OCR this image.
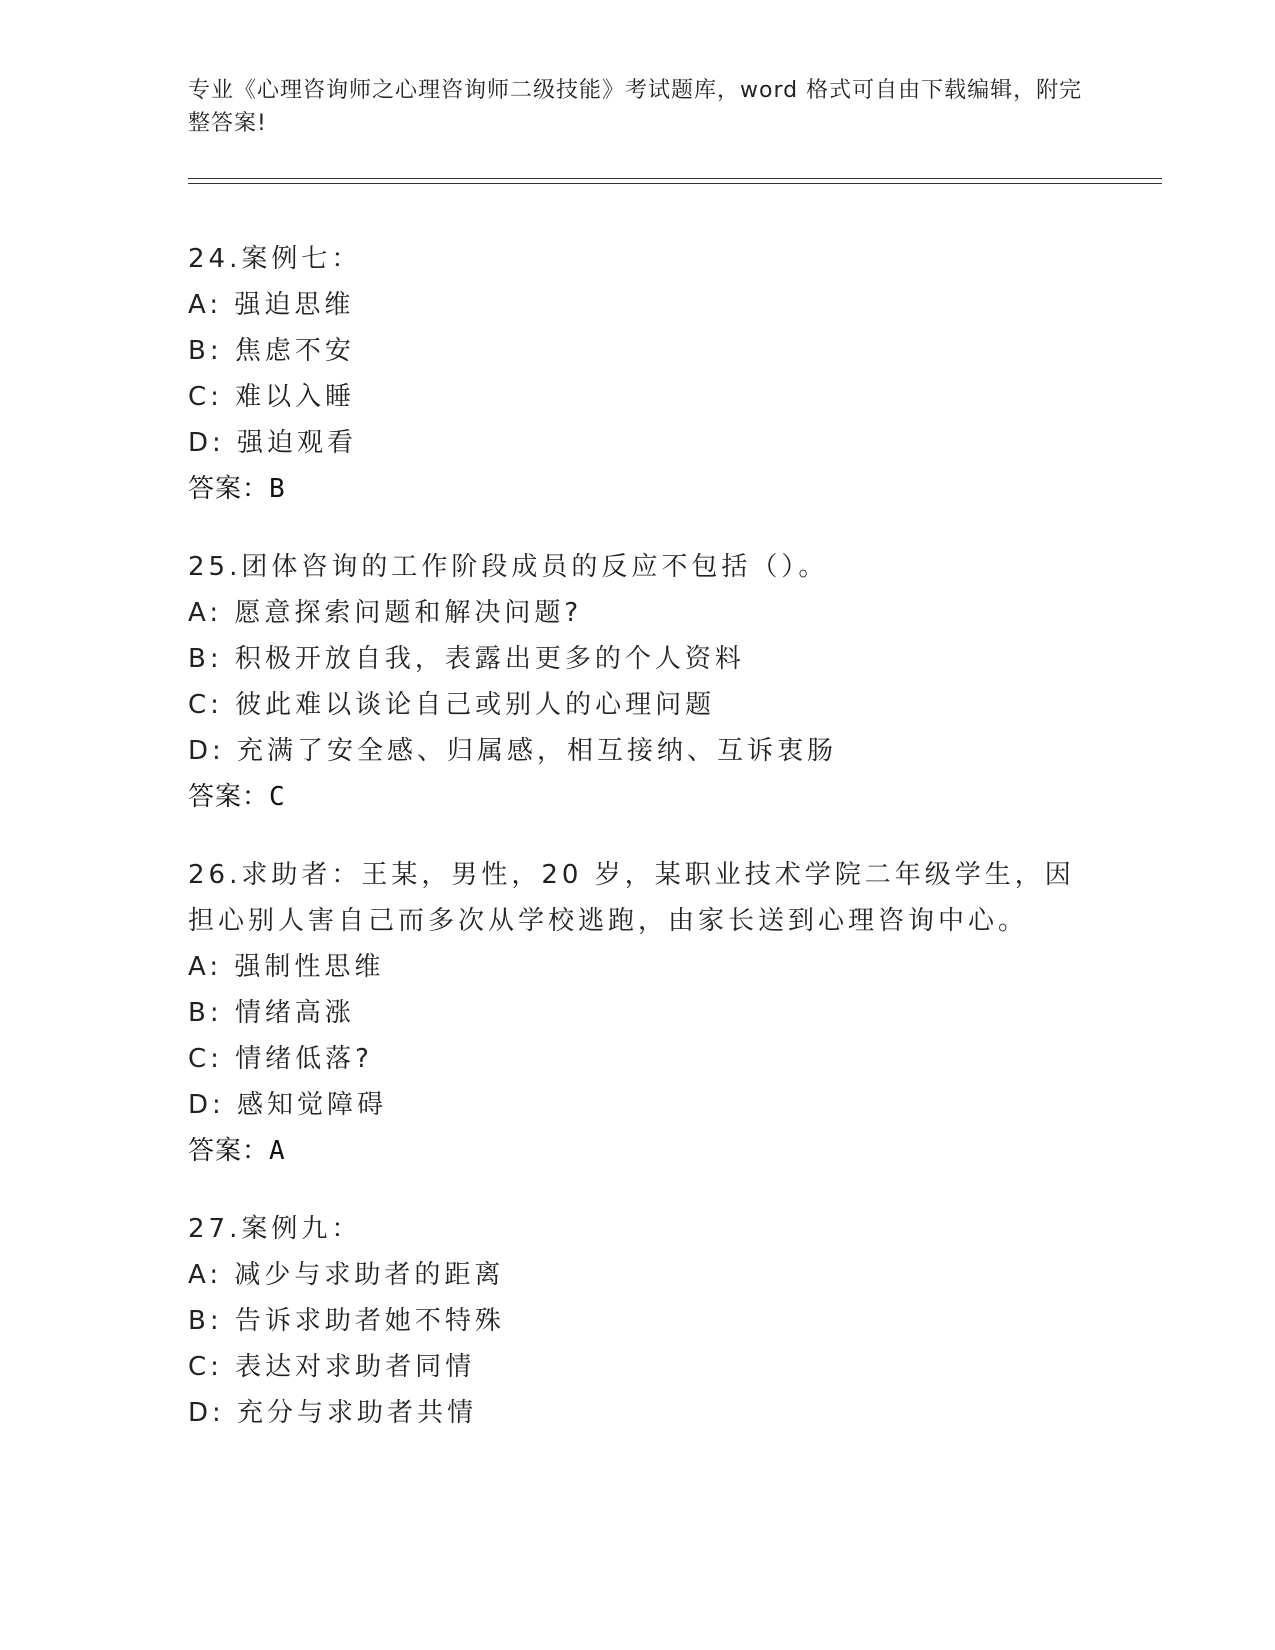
专业《心理咨询师之心理咨询师二级技能》考试题库，word 格式可自由下载编辑，附完整答案!
24.案例七：
A: 强迫思维
B: 焦虑不安
C: 难以入睡
D: 强迫观看
答案：B
25.团体咨询的工作阶段成员的反应不包括（）。
A: 愿意探索问题和解决问题?
B: 积极开放自我，表露出更多的个人资料
C: 彼此难以谈论自己或别人的心理问题
D: 充满了安全感、归属感，相互接纳、互诉衷肠
答案：C
26.求助者：王某，男性，20 岁，某职业技术学院二年级学生，因担心别人害自己而多次从学校逃跑，由家长送到心理咨询中心。
A: 强制性思维
B: 情绪高涨
C: 情绪低落?
D: 感知觉障碍
答案：A
27.案例九：
A: 减少与求助者的距离
B: 告诉求助者她不特殊
C: 表达对求助者同情
D: 充分与求助者共情
